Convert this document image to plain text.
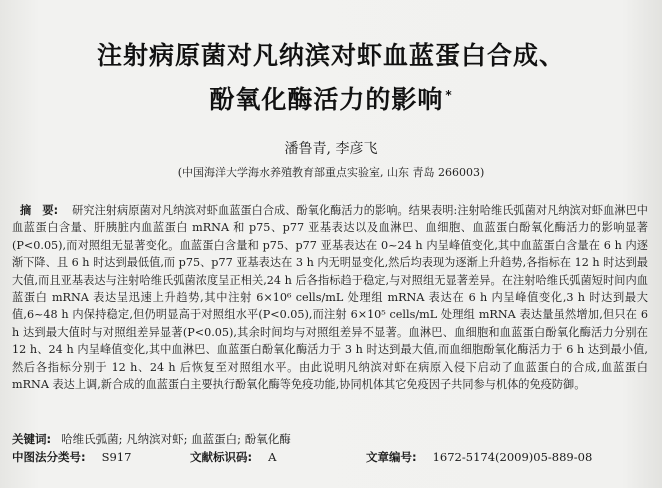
注射病原菌对凡纳滨对虾血蓝蛋白合成、
酚氧化酶活力的影响 *
潘鲁青, 李彦飞
(中国海洋大学海水养殖教育部重点实验室, 山东 青岛 266003)
摘　要: 研究注射病原菌对凡纳滨对虾血蓝蛋白合成、酚氧化酶活力的影响。结果表明:注射哈维氏弧菌对凡纳滨对虾血淋巴中血蓝蛋白含量、肝胰脏内血蓝蛋白 mRNA 和 p75、p77 亚基表达以及血淋巴、血细胞、血蓝蛋白酚氧化酶活力的影响显著(P<0.05),而对照组无显著变化。血蓝蛋白含量和 p75、p77 亚基表达在 0~24 h 内呈峰值变化,其中血蓝蛋白含量在 6 h 内逐渐下降、且 6 h 时达到最低值,而 p75、p77 亚基表达在 3 h 内无明显变化,然后均表现为逐渐上升趋势,各指标在 12 h 时达到最大值,而且亚基表达与注射哈维氏弧菌浓度呈正相关,24 h 后各指标趋于稳定,与对照组无显著差异。在注射哈维氏弧菌短时间内血蓝蛋白 mRNA 表达呈迅速上升趋势,其中注射 6×10⁶ cells/mL 处理组 mRNA 表达在 6 h 内呈峰值变化,3 h 时达到最大值,6~48 h 内保持稳定,但仍明显高于对照组水平(P<0.05),而注射 6×10⁵ cells/mL 处理组 mRNA 表达量虽然增加,但只在 6 h 达到最大值时与对照组差异显著(P<0.05),其余时间均与对照组差异不显著。血淋巴、血细胞和血蓝蛋白酚氧化酶活力分别在 12 h、24 h 内呈峰值变化,其中血淋巴、血蓝蛋白酚氧化酶活力于 3 h 时达到最大值,而血细胞酚氧化酶活力于 6 h 达到最小值,然后各指标分别于 12 h、24 h 后恢复至对照组水平。由此说明凡纳滨对虾在病原入侵下启动了血蓝蛋白的合成,血蓝蛋白 mRNA 表达上调,新合成的血蓝蛋白主要执行酚氧化酶等免疫功能,协同机体其它免疫因子共同参与机体的免疫防御。
关键词: 哈维氏弧菌; 凡纳滨对虾; 血蓝蛋白; 酚氧化酶
中图法分类号: S917	文献标识码: A	文章编号: 1672-5174(2009)05-889-08
